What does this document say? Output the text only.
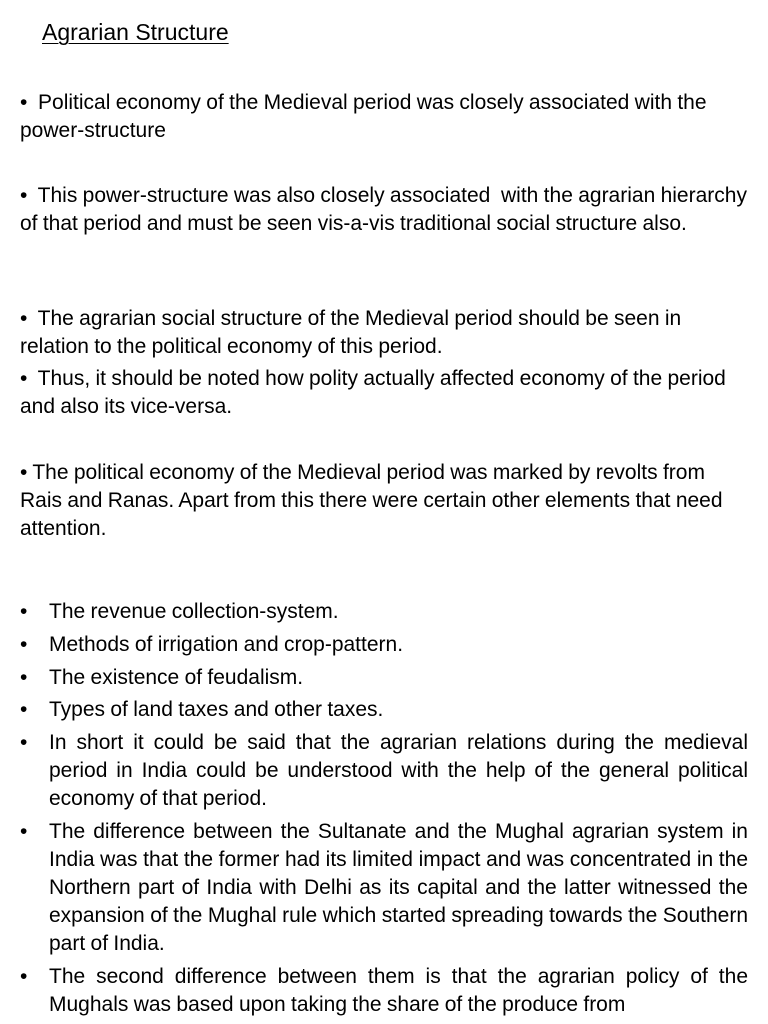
Agrarian Structure

•  Political economy of the Medieval period was closely associated with the power-structure

•  This power-structure was also closely associated  with the agrarian hierarchy of that period and must be seen vis-a-vis traditional social structure also.

•  The agrarian social structure of the Medieval period should be seen in relation to the political economy of this period.

•  Thus, it should be noted how polity actually affected economy of the period and also its vice-versa.

• The political economy of the Medieval period was marked by revolts from Rais and Ranas. Apart from this there were certain other elements that need attention.

• The revenue collection-system.
• Methods of irrigation and crop-pattern.
• The existence of feudalism.
• Types of land taxes and other taxes.
• In short it could be said that the agrarian relations during the medieval period in India could be understood with the help of the general political economy of that period.
• The difference between the Sultanate and the Mughal agrarian system in India was that the former had its limited impact and was concentrated in the Northern part of India with Delhi as its capital and the latter witnessed the expansion of the Mughal rule which started spreading towards the Southern part of India.
• The second difference between them is that the agrarian policy of the Mughals was based upon taking the share of the produce from
